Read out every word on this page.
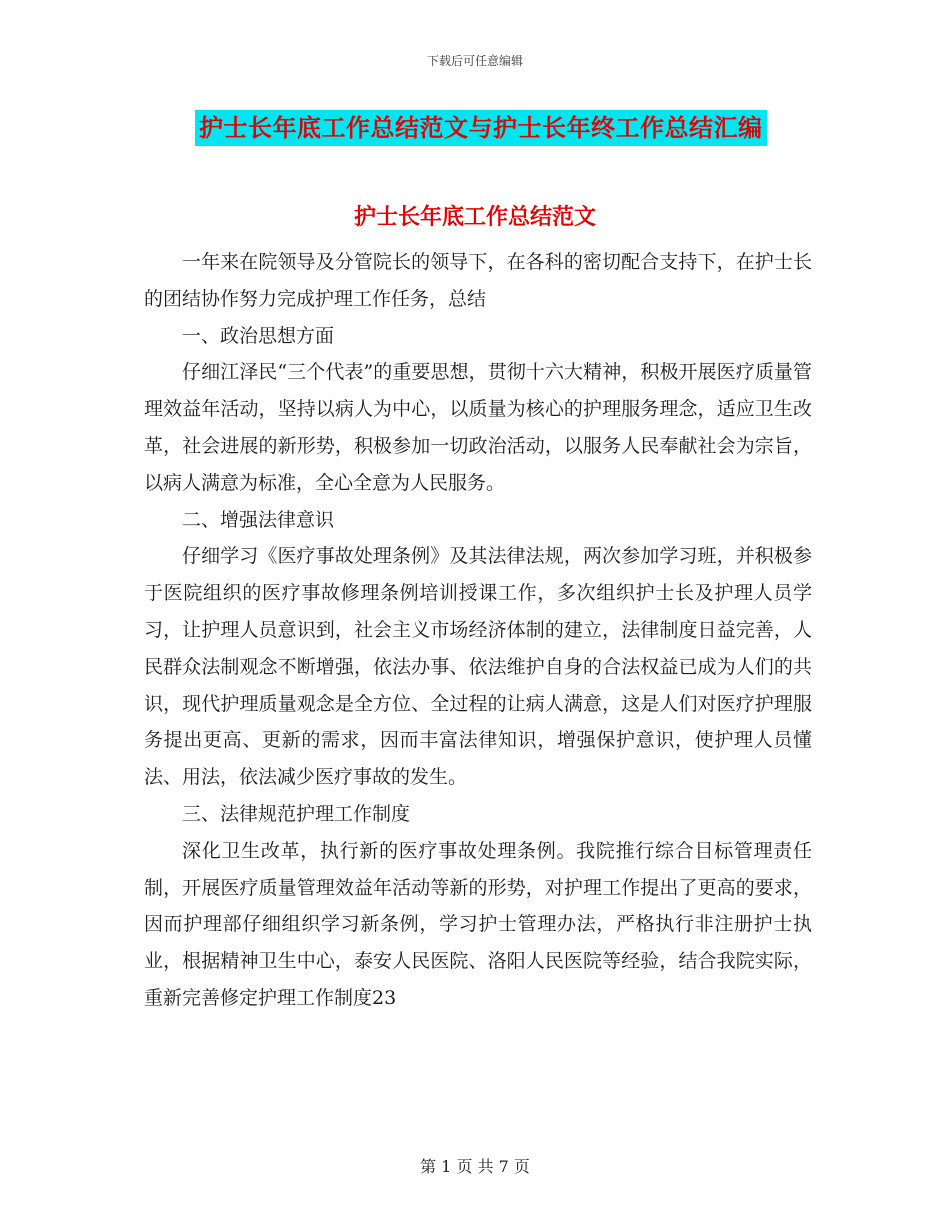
下载后可任意编辑
护士长年底工作总结范文与护士长年终工作总结汇编
护士长年底工作总结范文

一年来在院领导及分管院长的领导下，在各科的密切配合支持下，在护士长的团结协作努力完成护理工作任务，总结

一、政治思想方面

仔细江泽民“三个代表”的重要思想，贯彻十六大精神，积极开展医疗质量管理效益年活动，坚持以病人为中心，以质量为核心的护理服务理念，适应卫生改革，社会进展的新形势，积极参加一切政治活动，以服务人民奉献社会为宗旨，以病人满意为标准，全心全意为人民服务。

二、增强法律意识

仔细学习《医疗事故处理条例》及其法律法规，两次参加学习班，并积极参于医院组织的医疗事故修理条例培训授课工作，多次组织护士长及护理人员学习，让护理人员意识到，社会主义市场经济体制的建立，法律制度日益完善，人民群众法制观念不断增强，依法办事、依法维护自身的合法权益已成为人们的共识，现代护理质量观念是全方位、全过程的让病人满意，这是人们对医疗护理服务提出更高、更新的需求，因而丰富法律知识，增强保护意识，使护理人员懂法、用法，依法减少医疗事故的发生。

三、法律规范护理工作制度

深化卫生改革，执行新的医疗事故处理条例。我院推行综合目标管理责任制，开展医疗质量管理效益年活动等新的形势，对护理工作提出了更高的要求，因而护理部仔细组织学习新条例，学习护士管理办法，严格执行非注册护士执业，根据精神卫生中心，泰安人民医院、洛阳人民医院等经验，结合我院实际，重新完善修定护理工作制度23

第 1 页 共 7 页
